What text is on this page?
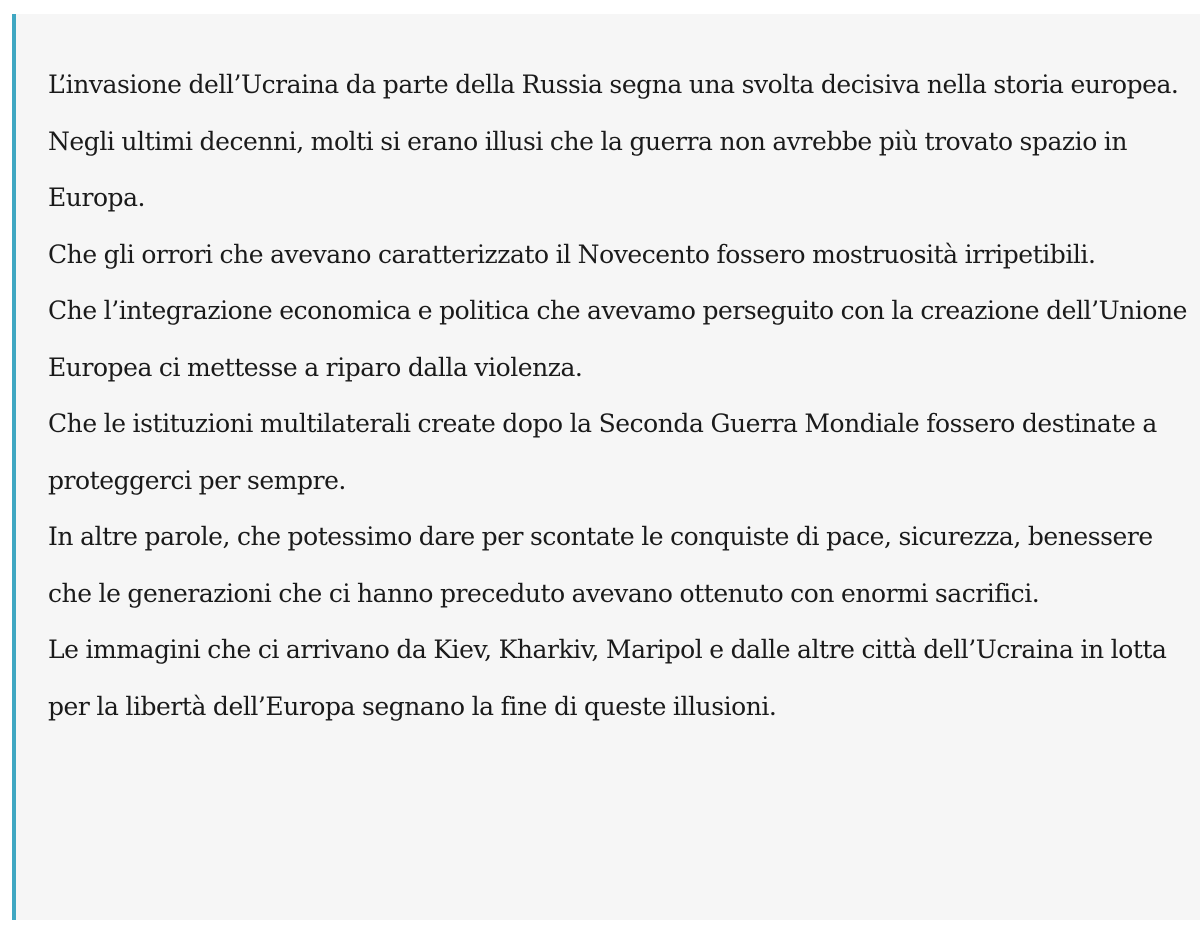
L’invasione dell’Ucraina da parte della Russia segna una svolta decisiva nella storia europea.

Negli ultimi decenni, molti si erano illusi che la guerra non avrebbe più trovato spazio in Europa.

Che gli orrori che avevano caratterizzato il Novecento fossero mostruosità irripetibili.

Che l’integrazione economica e politica che avevamo perseguito con la creazione dell’Unione Europea ci mettesse a riparo dalla violenza.

Che le istituzioni multilaterali create dopo la Seconda Guerra Mondiale fossero destinate a proteggerci per sempre.

In altre parole, che potessimo dare per scontate le conquiste di pace, sicurezza, benessere che le generazioni che ci hanno preceduto avevano ottenuto con enormi sacrifici.

Le immagini che ci arrivano da Kiev, Kharkiv, Maripol e dalle altre città dell’Ucraina in lotta per la libertà dell’Europa segnano la fine di queste illusioni.
